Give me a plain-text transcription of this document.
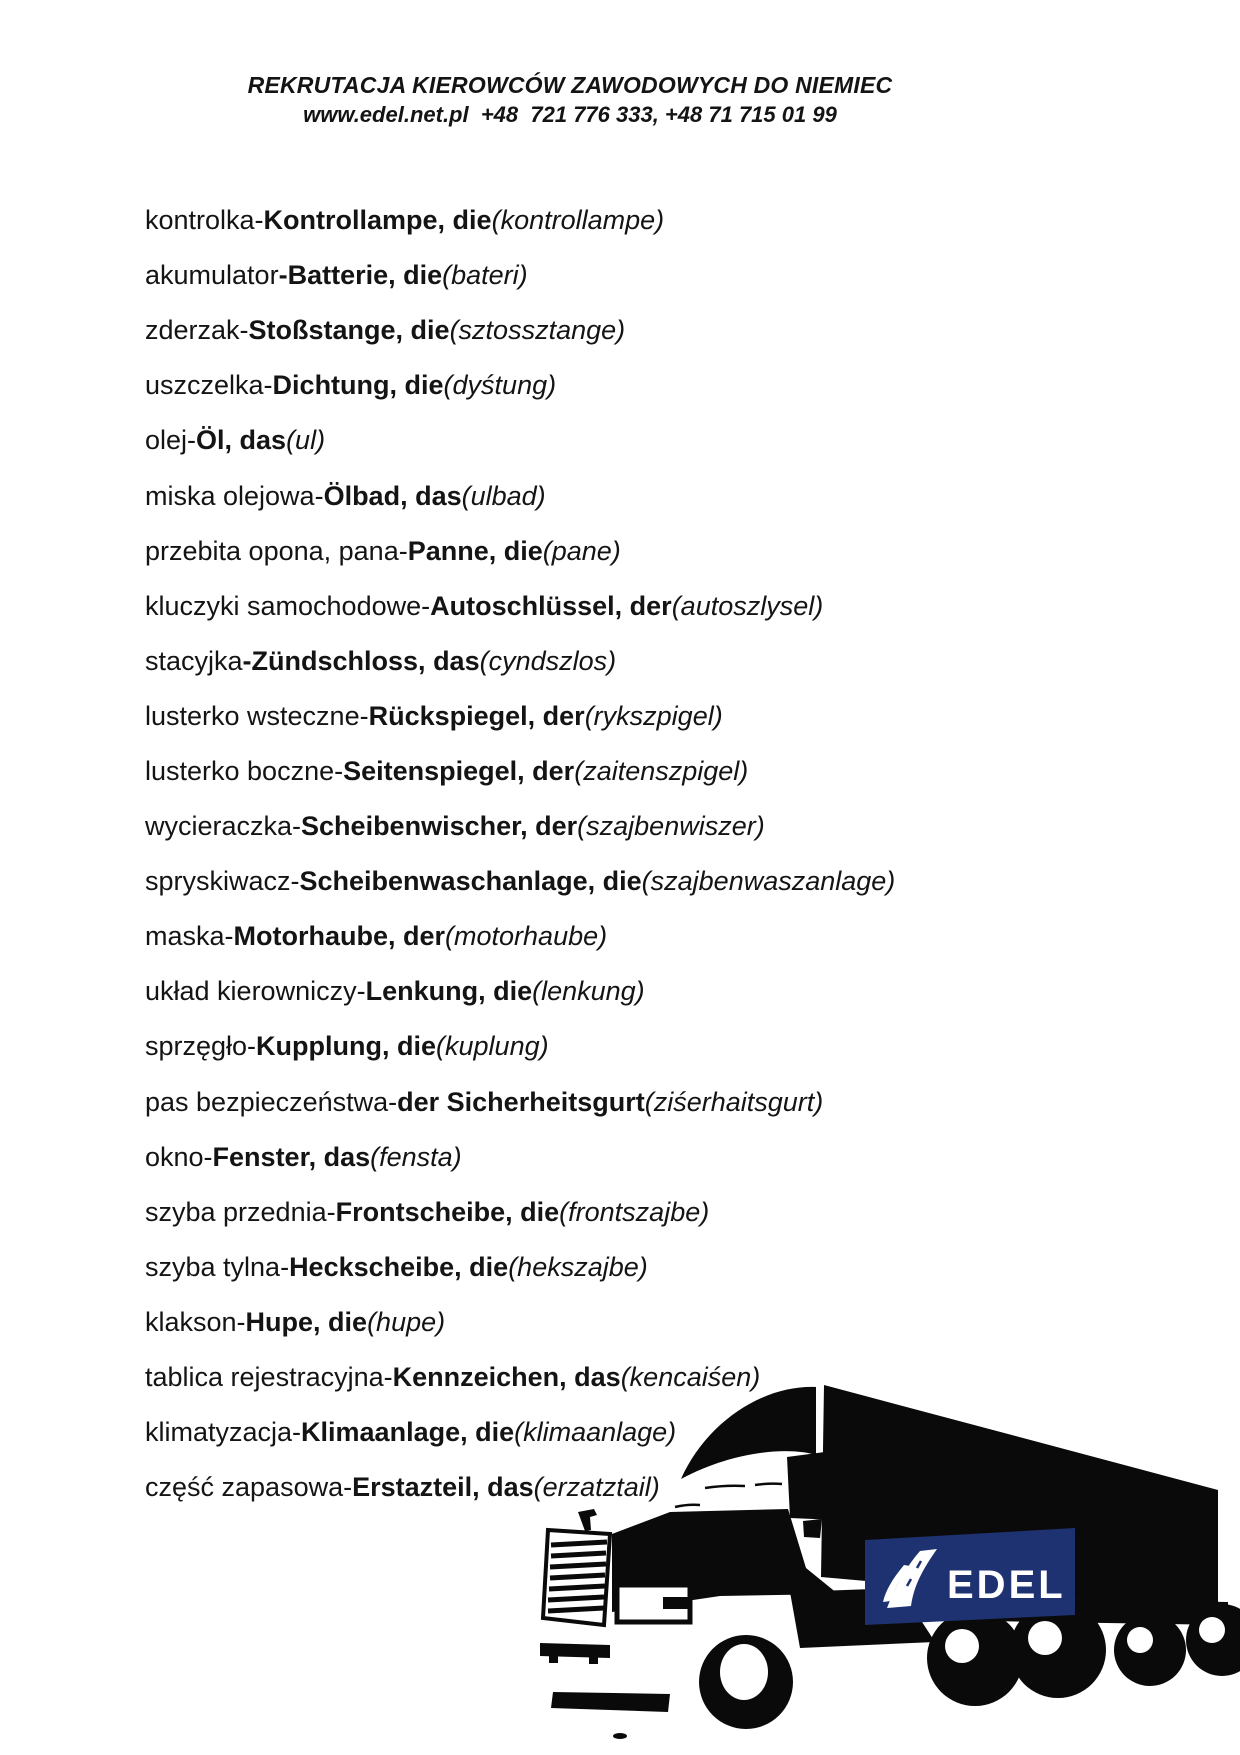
REKRUTACJA KIEROWCÓW ZAWODOWYCH DO NIEMIEC
www.edel.net.pl  +48  721 776 333, +48 71 715 01 99
kontrolka- Kontrollampe, die (kontrollampe)
akumulator -Batterie, die (bateri)
zderzak- Stoßstange, die (sztossztange)
uszczelka- Dichtung, die (dyśtung)
olej- Öl, das (ul)
miska olejowa- Ölbad, das (ulbad)
przebita opona, pana- Panne, die (pane)
kluczyki samochodowe- Autoschlüssel, der (autoszlysel)
stacyjka -Zündschloss, das (cyndszlos)
lusterko wsteczne- Rückspiegel, der (rykszpigel)
lusterko boczne- Seitenspiegel, der (zaitenszpigel)
wycieraczka- Scheibenwischer, der (szajbenwiszer)
spryskiwacz- Scheibenwaschanlage, die (szajbenwaszanlage)
maska- Motorhaube, der (motorhaube)
układ kierowniczy- Lenkung, die (lenkung)
sprzęgło- Kupplung, die (kuplung)
pas bezpieczeństwa- der Sicherheitsgurt (ziśerhaitsgurt)
okno- Fenster, das (fensta)
szyba przednia- Frontscheibe, die (frontszajbe)
szyba tylna- Heckscheibe, die (hekszajbe)
klakson- Hupe, die (hupe)
tablica rejestracyjna- Kennzeichen, das (kencaiśen)
klimatyzacja- Klimaanlage, die (klimaanlage)
część zapasowa- Erstazteil, das (erzatztail)
EDEL
